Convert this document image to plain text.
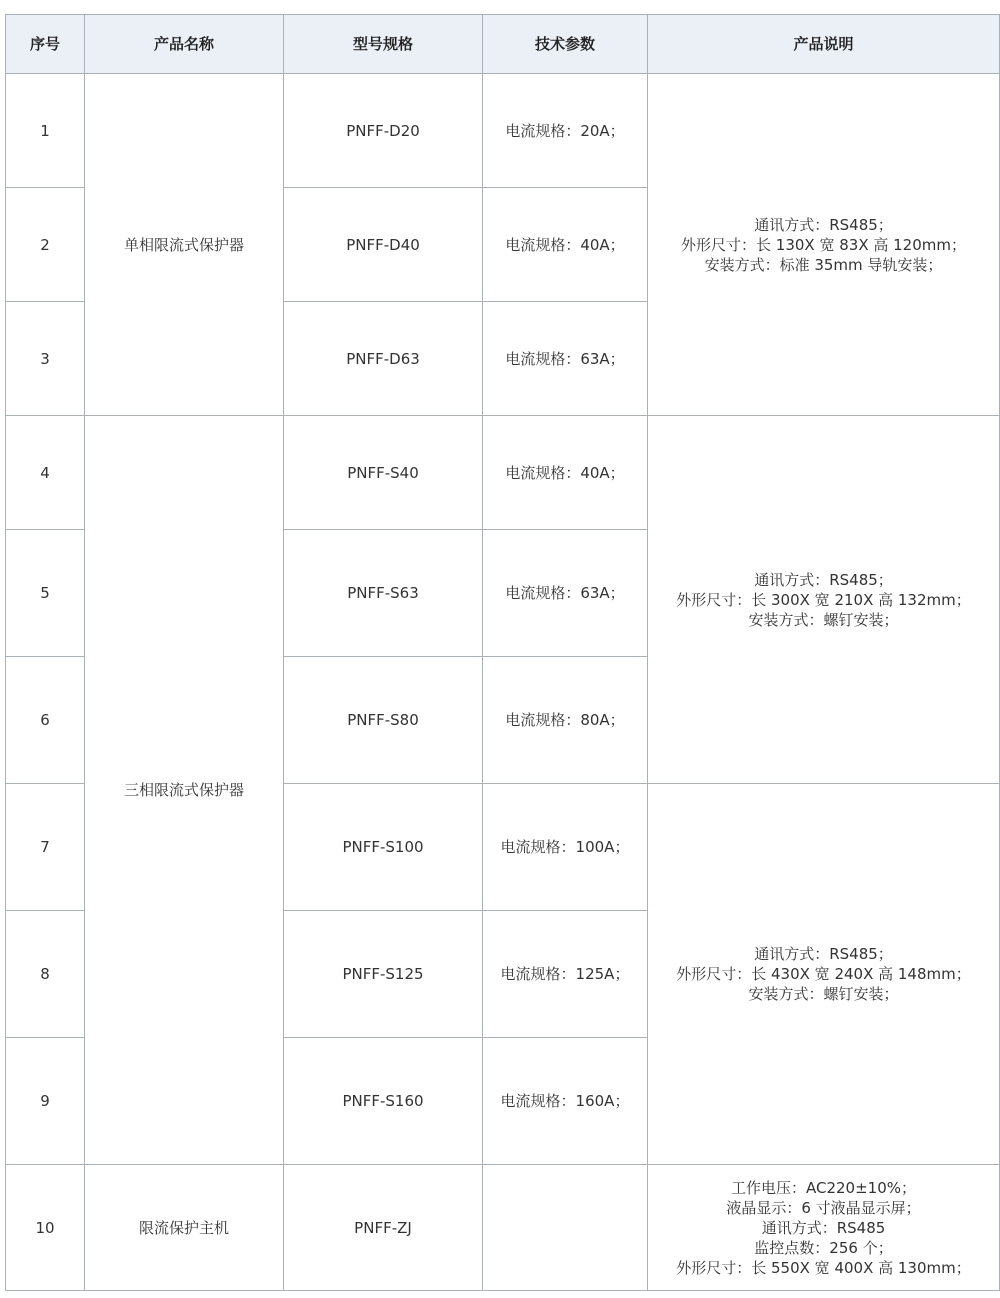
序号	产品名称	型号规格	技术参数	产品说明
1	单相限流式保护器	PNFF-D20	电流规格：20A；	通讯方式：RS485；
外形尺寸：长 130X 宽 83X 高 120mm；
安装方式：标准 35mm 导轨安装；

2		PNFF-D40	电流规格：40A；	
3		PNFF-D63	电流规格：63A；	
4	三相限流式保护器	PNFF-S40	电流规格：40A；	通讯方式：RS485；
外形尺寸：长 300X 宽 210X 高 132mm；
安装方式：螺钉安装；

5		PNFF-S63	电流规格：63A；	
6		PNFF-S80	电流规格：80A；	
7		PNFF-S100	电流规格：100A；	通讯方式：RS485；
外形尺寸：长 430X 宽 240X 高 148mm；
安装方式：螺钉安装；

8		PNFF-S125	电流规格：125A；	
9		PNFF-S160	电流规格：160A；	
10	限流保护主机	PNFF-ZJ		工作电压：AC220±10%；
液晶显示：6 寸液晶显示屏；
通讯方式：RS485
监控点数：256 个；
外形尺寸：长 550X 宽 400X 高 130mm；
